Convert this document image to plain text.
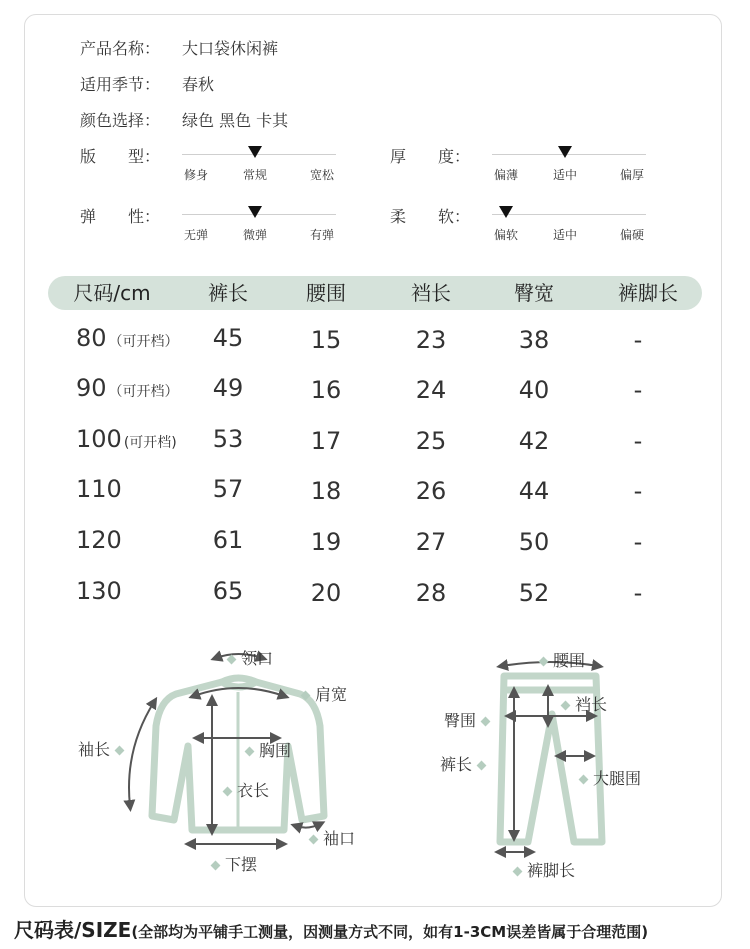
产品名称： 大口袋休闲裤
适用季节： 春秋
颜色选择： 绿色 黑色 卡其
版　　型：
修身	常规	宽松
厚　　度：
偏薄	适中	偏厚
弹　　性：
无弹	微弹	有弹
柔　　软：
偏软	适中	偏硬
尺码/cm	裤长	腰围	裆长	臀宽	裤脚长
80 （可开档） 45	15	23	38	-
90 （可开档） 49	16	24	40	-
100 (可开档) 53	17	25	42	-
110	57	18	26	44	-
120	61	19	27	50	-
130	65	20	28	52	-
领口
肩宽
袖长	胸围
衣长
袖口
下摆
腰围
裆长
臀围
裤长
大腿围
裤脚长
尺码表/SIZE(全部均为平铺手工测量，因测量方式不同，如有1-3CM误差皆属于合理范围)
